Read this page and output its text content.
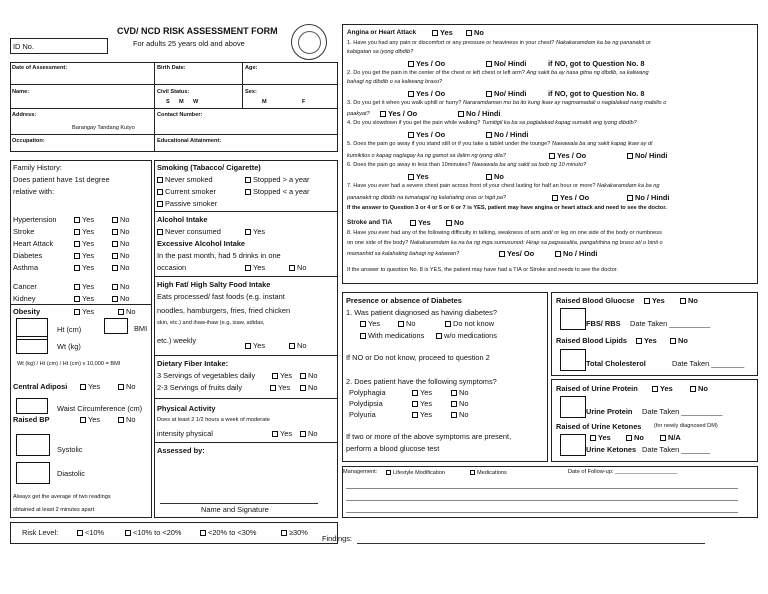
CVD/ NCD RISK ASSESSMENT FORM
For adults 25 years old and above
ID No.
Date of Assessment:	Birth Date:	Age:
Name:	Civil Status:
S      M      W
Sex:
M	F
Address:
Barangay Tandang Kutyo
Contact Number:
Occupation:	Educational Attainment:
Family History:
Does patient have 1st degree
relative with:
Hypertension	Yes	No
Stroke	Yes	No
Heart Attack	Yes	No
Diabetes	Yes	No
Asthma	Yes	No
Cancer	Yes	No
Kidney	Yes	No
Obesity	Yes	No
Ht (cm)	BMI
Wt (kg)
Wt (kg) / Ht (cm) / Ht (cm) x 10,000 = BMI
Central Adiposi	Yes	No
Waist Circumference (cm)
Raised BP	Yes	No
Systolic
Diastolic
Always get the average of two readings
obtained at least 2 minutes apart
Smoking (Tabacco/ Cigarette)
Never smoked	Stopped > a year
Current smoker	Stopped < a year
Passive smoker
Alcohol Intake
Never consumed	Yes
Excessive Alcohol Intake
In the past month, had 5 drinks in one
occasion	Yes	No
High Fat/ High Salty Food Intake
Eats processed/ fast foods (e.g. instant
noodles, hamburgers, fries, fried chicken
skin, etc.) and ihaw-ihaw (e.g, isaw, adidas,
etc.) weekly
Yes	No
Dietary Fiber Intake:
3 Servings of vegetables daily	Yes	No
2-3 Servings of fruits daily	Yes	No
Physical Activity
Does at least 2 1/2 hours a week of moderate
intensity physical	Yes	No
Assessed by:
Name and Signature
Risk Level:	<10%	<10% to <20%	<20% to <30%	≥30%
Findings:
Angina or Heart Attack	Yes	No
1. Have you had any pain or discomfort or any pressure or heaviness in your chest? Nakakaramdam ka ba ng pananakit or
kabigatan sa iyong dibdib?
Yes / Oo	No/ Hindi	if NO, got to Question No. 8
2. Do you get the pain in the center of the chest or left chest or left arm? Ang sakit ba ay nasa gitna ng dibdib, sa kaliwang
bahagi ng dibdib o sa kaliwang braso?
Yes / Oo	No/ Hindi	if NO, got to Question No. 8
3. Do you get it when you walk uphill or hurry? Nararamdaman mo ba ito kung ikaw ay nagmamadali o naglalakad nang mabilis o
paakyat?	Yes / Oo	No / Hindi
4. Do you slowdown if you get the pain while walking? Tumitigil ka ba sa paglalakad kapag sumakit ang iyong dibdib?
Yes / Oo	No / Hindi
5. Does the pain go away if you stand still or if you take a tablet under the tounge? Nawawala ba ang sakit kapag ikaw ay di
kumikilos o kapag naglagay ka ng gamot sa ilalim ng iyong dila?	Yes / Oo	No/ Hindi
6. Does the pain go away in less than 10minutes? Nawawala ba ang sakit sa loob ng 10 minuto?
Yes	No
7. Have you ever had a severe chest pain across front of your chest lasting for half an hour or more? Nakakaramdam ka ba ng
pananakit ng dibdib na tumatagal ng kalahating oras or higit pa?	Yes / Oo	No / Hindi
If the answer to Question 3 or 4 or 5 or 6 or 7 is YES, patient may have angina or heart attack and need to see the doctor.
Stroke and TIA	Yes	No
8. Have you ever had any of the following difficulty in talking, weakness of arm and/ or leg on one side of the body or numbness
on one side of the body? Nakakaramdam ka na ba ng mga sumusunod: Hirap sa pagsasalita, pangahihina ng braso at/ o binti o
mamanhid sa kalahating bahagi ng katawan?	Yes/ Oo	No / Hindi
If the answer to question No. 8 is YES, the patient may have had a TIA or Stroke and needs to see the doctor.
Presence or absence of Diabetes
1. Was patient diagnosed as having diabetes?
Yes	No	Do not know
With medications	w/o medications
If NO or Do not know, proceed to question 2
2. Does patient have the following symptoms?
Polyphagia	Yes	No
Polydipsia	Yes	No
Polyuria	Yes	No
If two or more of the above symptoms are present,
perform a blood glucose test
Raised Blood Gluocse	Yes	No
FBS/ RBS Date Taken __________
Raised Blood Lipids	Yes	No
Total Cholesterol	Date Taken ________
Raised of Urine Protein	Yes	No
Urine Protein Date Taken __________
Raised of Urine Ketones (for newly diagnosed DM)
Yes	No	N/A
Urine Ketones Date Taken _______
Management:	Lifestyle Modification	Medications	Date of Follow-up: ____________________
